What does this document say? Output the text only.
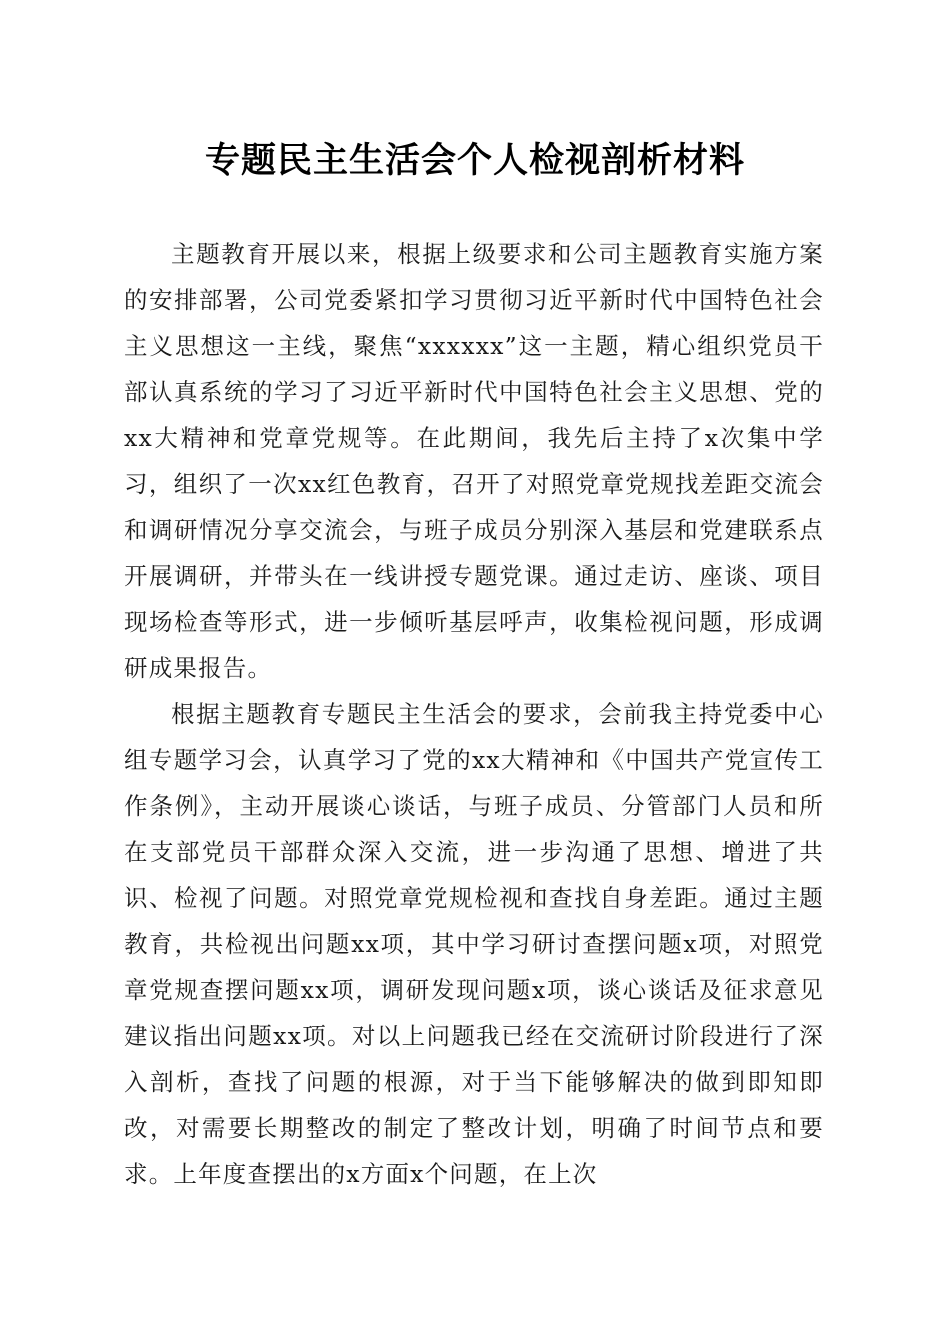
专题民主生活会个人检视剖析材料

主题教育开展以来，根据上级要求和公司主题教育实施方案的安排部署，公司党委紧扣学习贯彻习近平新时代中国特色社会主义思想这一主线，聚焦“xxxxxx”这一主题，精心组织党员干部认真系统的学习了习近平新时代中国特色社会主义思想、党的xx大精神和党章党规等。在此期间，我先后主持了x次集中学习，组织了一次xx红色教育，召开了对照党章党规找差距交流会和调研情况分享交流会，与班子成员分别深入基层和党建联系点开展调研，并带头在一线讲授专题党课。通过走访、座谈、项目现场检查等形式，进一步倾听基层呼声，收集检视问题，形成调研成果报告。

根据主题教育专题民主生活会的要求，会前我主持党委中心组专题学习会，认真学习了党的xx大精神和《中国共产党宣传工作条例》，主动开展谈心谈话，与班子成员、分管部门人员和所在支部党员干部群众深入交流，进一步沟通了思想、增进了共识、检视了问题。对照党章党规检视和查找自身差距。通过主题教育，共检视出问题xx项，其中学习研讨查摆问题x项，对照党章党规查摆问题xx项，调研发现问题x项，谈心谈话及征求意见建议指出问题xx项。对以上问题我已经在交流研讨阶段进行了深入剖析，查找了问题的根源，对于当下能够解决的做到即知即改，对需要长期整改的制定了整改计划，明确了时间节点和要求。上年度查摆出的x方面x个问题，在上次
